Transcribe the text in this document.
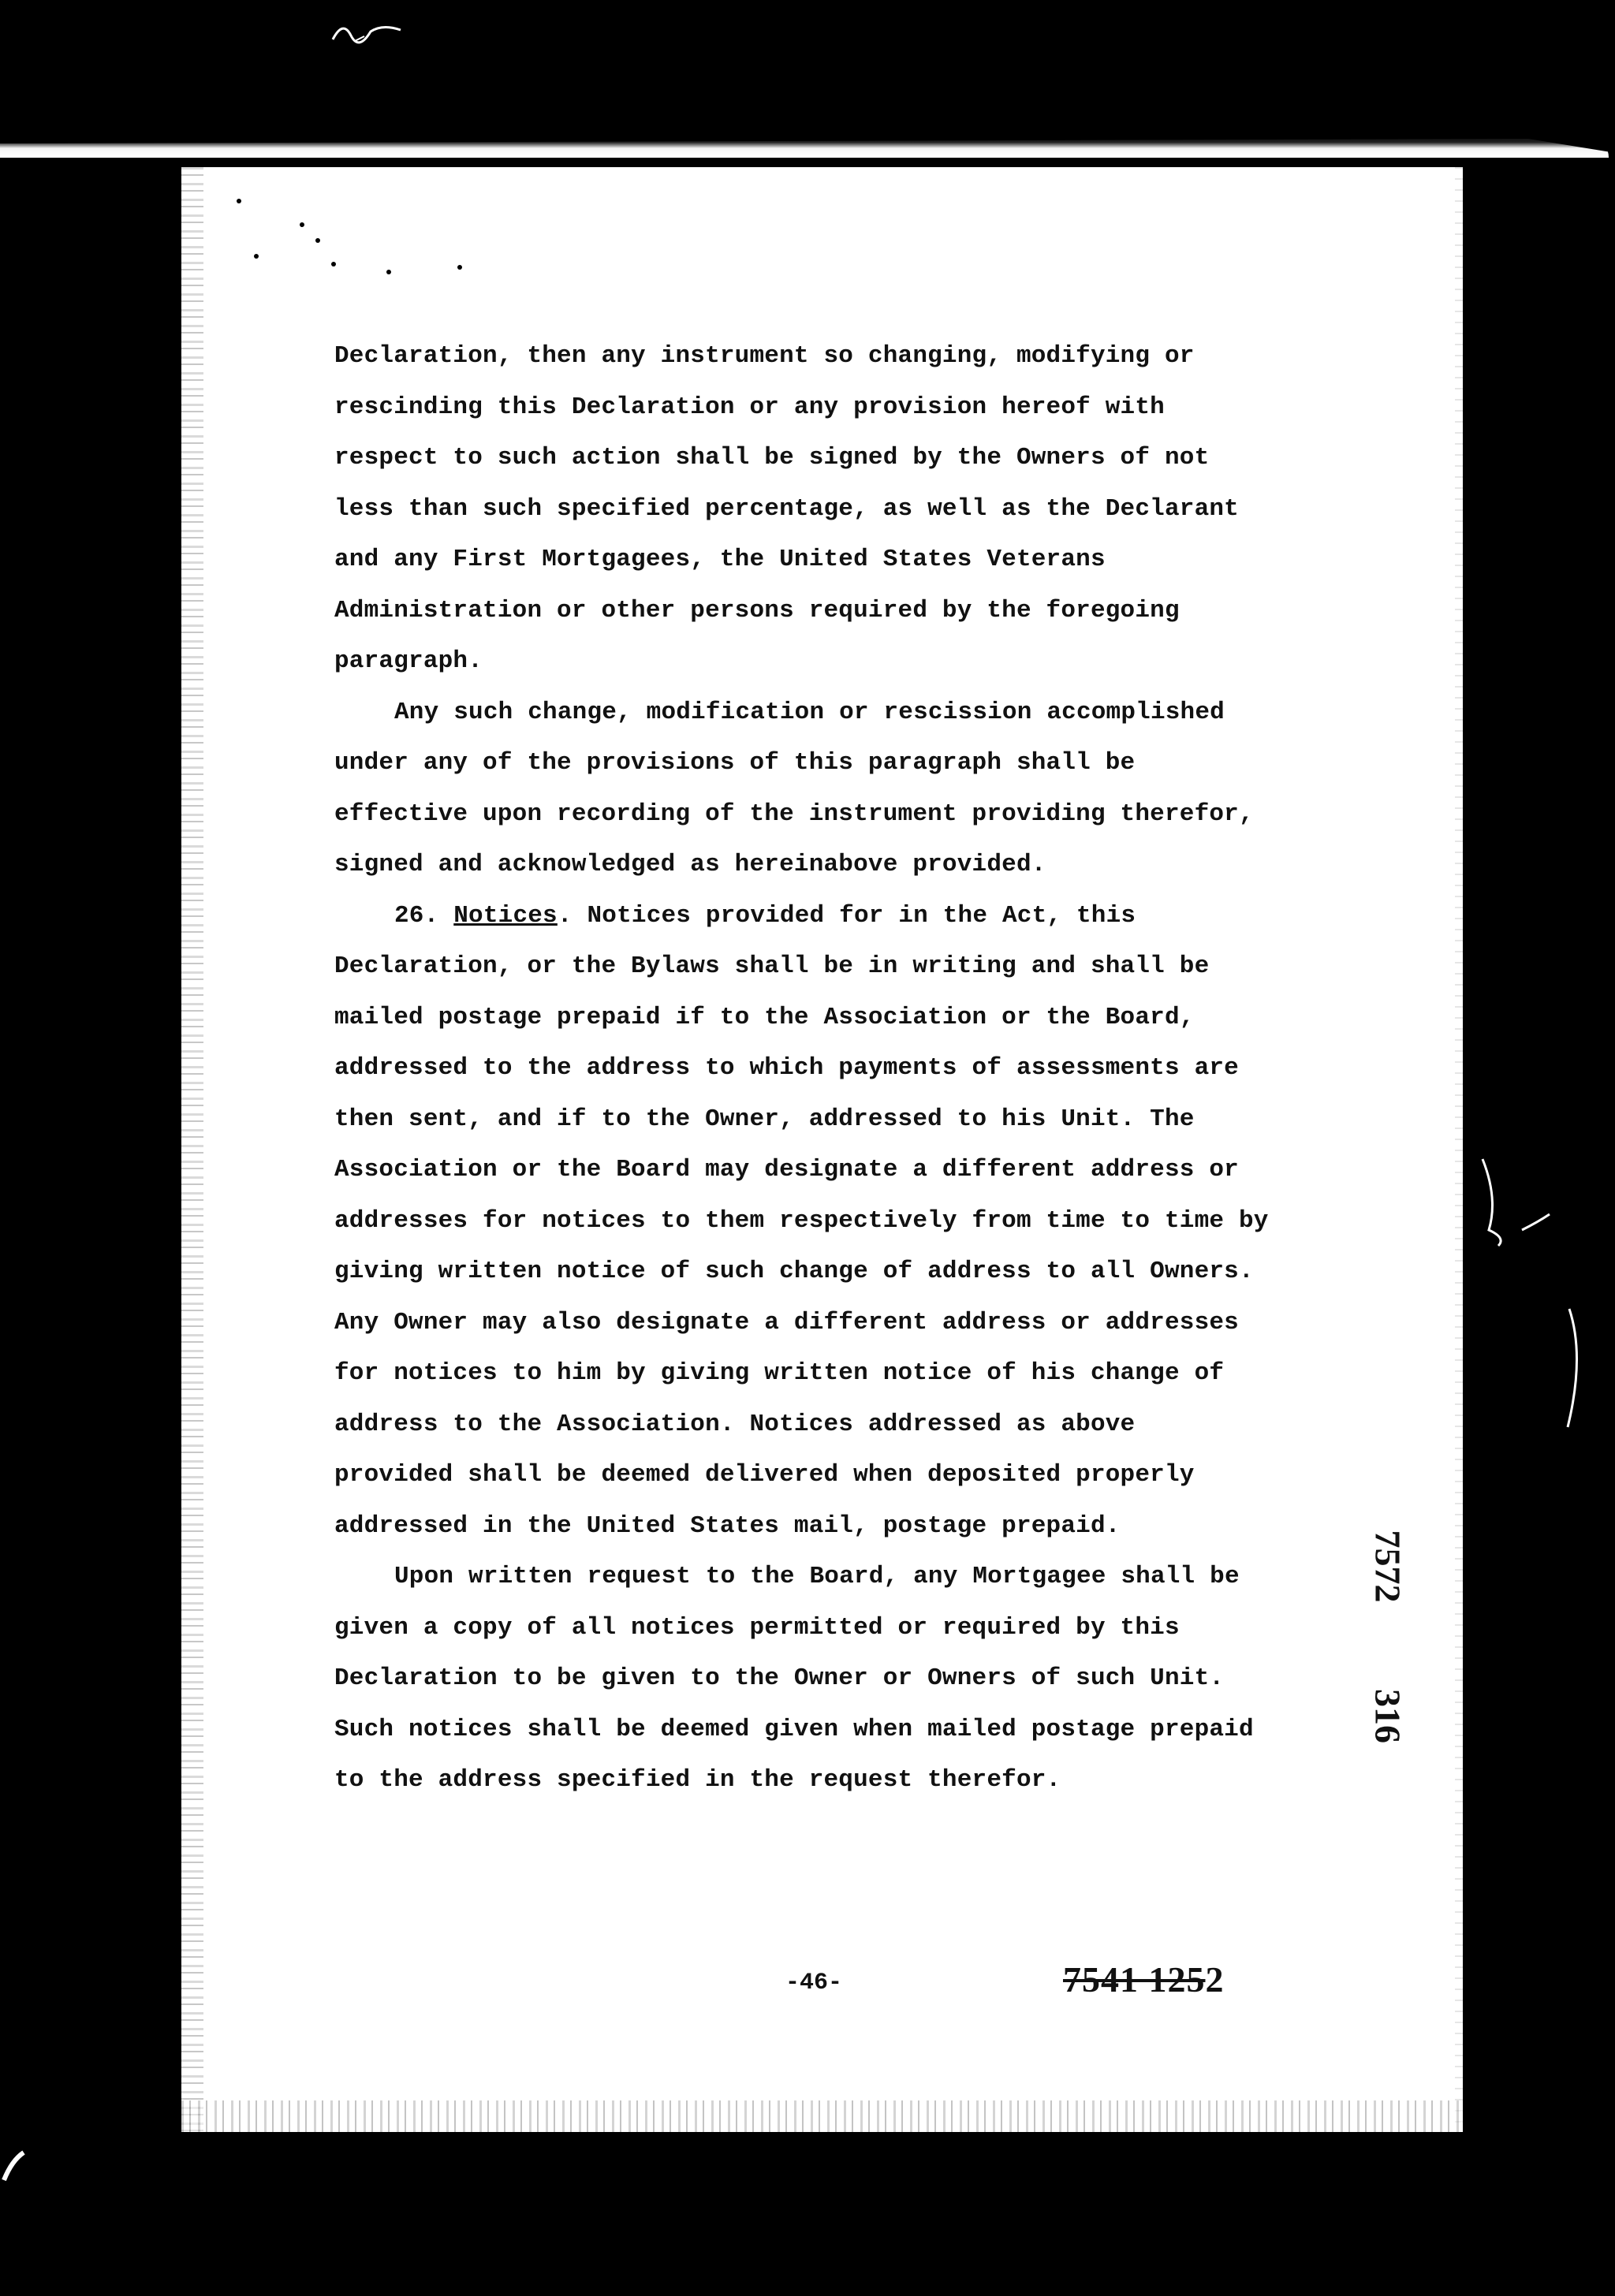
Declaration, then any instrument so changing, modifying or
rescinding this Declaration or any provision hereof with
respect to such action shall be signed by the Owners of not
less than such specified percentage, as well as the Declarant
and any First Mortgagees, the United States Veterans
Administration or other persons required by the foregoing
paragraph.
Any such change, modification or rescission accomplished
under any of the provisions of this paragraph shall be
effective upon recording of the instrument providing therefor,
signed and acknowledged as hereinabove provided.
26. Notices. Notices provided for in the Act, this
Declaration, or the Bylaws shall be in writing and shall be
mailed postage prepaid if to the Association or the Board,
addressed to the address to which payments of assessments are
then sent, and if to the Owner, addressed to his Unit. The
Association or the Board may designate a different address or
addresses for notices to them respectively from time to time by
giving written notice of such change of address to all Owners.
Any Owner may also designate a different address or addresses
for notices to him by giving written notice of his change of
address to the Association. Notices addressed as above
provided shall be deemed delivered when deposited properly
addressed in the United States mail, postage prepaid.
Upon written request to the Board, any Mortgagee shall be
given a copy of all notices permitted or required by this
Declaration to be given to the Owner or Owners of such Unit.
Such notices shall be deemed given when mailed postage prepaid
to the address specified in the request therefor.
-46-	7541 1252
7572
316
